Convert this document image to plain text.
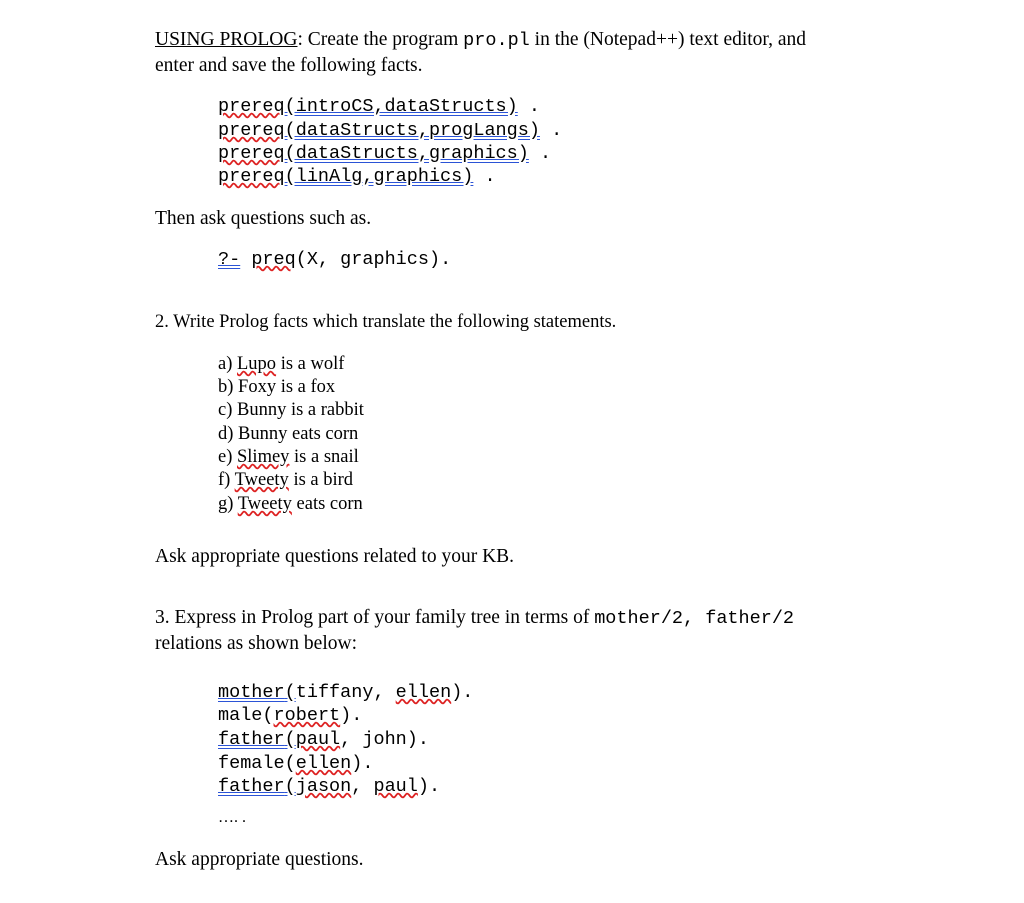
USING PROLOG: Create the program pro.pl in the (Notepad++) text editor, and
enter and save the following facts.
prereq(introCS,dataStructs) .
prereq(dataStructs,progLangs) .
prereq(dataStructs,graphics) .
prereq(linAlg,graphics) .
Then ask questions such as.
?- preq(X, graphics).
2. Write Prolog facts which translate the following statements.
a) Lupo is a wolf
b) Foxy is a fox
c) Bunny is a rabbit
d) Bunny eats corn
e) Slimey is a snail
f) Tweety is a bird
g) Tweety eats corn
Ask appropriate questions related to your KB.
3. Express in Prolog part of your family tree in terms of mother/2, father/2
relations as shown below:
mother(tiffany, ellen).
male(robert).
father(paul, john).
female(ellen).
father(jason, paul).
…. .
Ask appropriate questions.
